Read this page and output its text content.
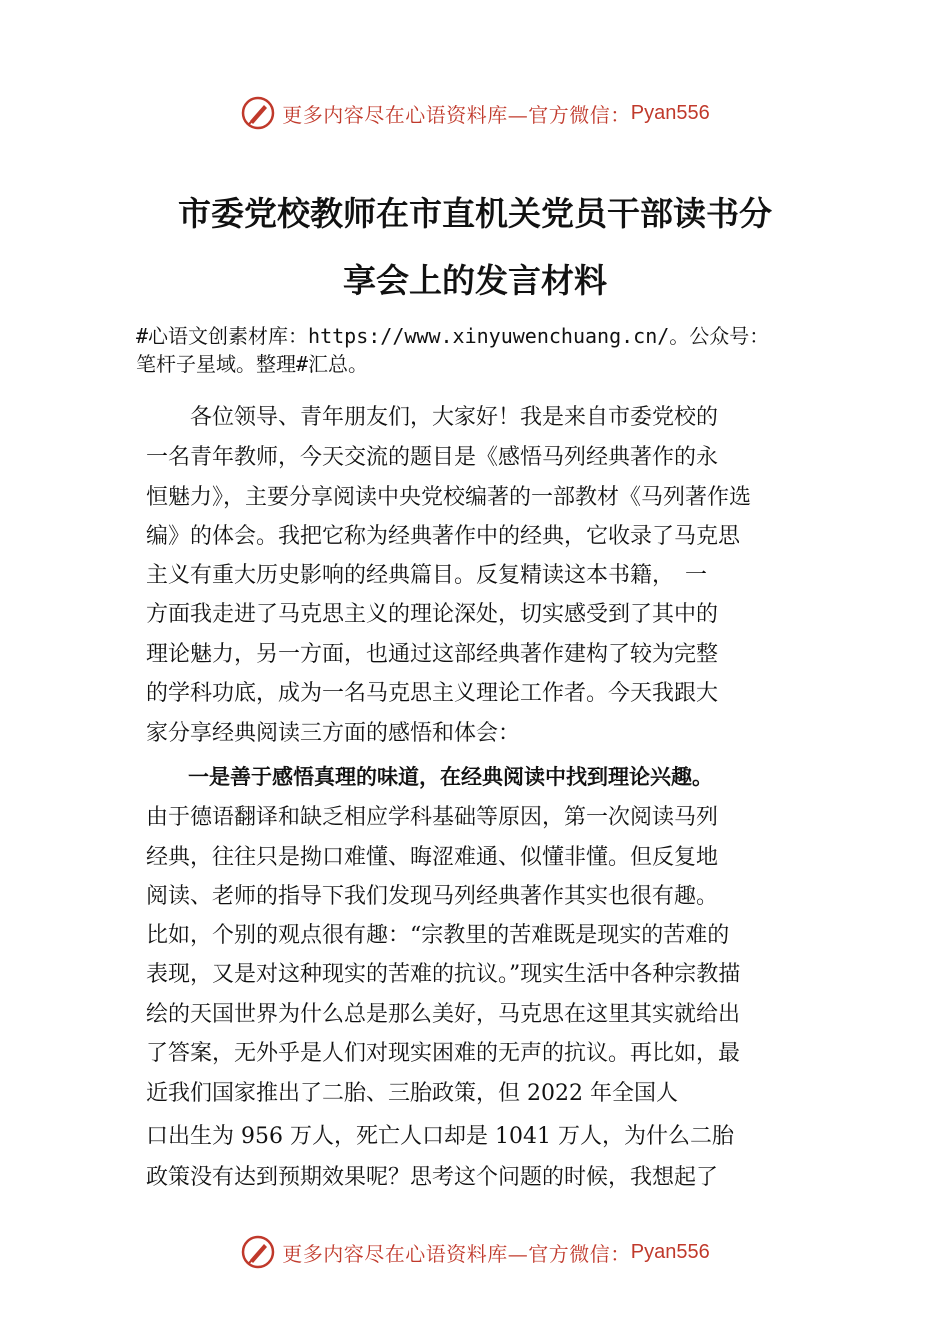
更多内容尽在心语资料库—官方微信： Pyan556
市委党校教师在市直机关党员干部读书分
享会上的发言材料
#心语文创素材库：https://www.xinyuwenchuang.cn/。公众号：
笔杆子星域。整理#汇总。
　　各位领导、青年朋友们，大家好！我是来自市委党校的
一名青年教师，今天交流的题目是《感悟马列经典著作的永
恒魅力》，主要分享阅读中央党校编著的一部教材《马列著作选
编》的体会。我把它称为经典著作中的经典，它收录了马克思
主义有重大历史影响的经典篇目。反复精读这本书籍，　一
方面我走进了马克思主义的理论深处，切实感受到了其中的
理论魅力，另一方面，也通过这部经典著作建构了较为完整
的学科功底，成为一名马克思主义理论工作者。今天我跟大
家分享经典阅读三方面的感悟和体会：
　　一是善于感悟真理的味道，在经典阅读中找到理论兴趣。
由于德语翻译和缺乏相应学科基础等原因，第一次阅读马列
经典，往往只是拗口难懂、晦涩难通、似懂非懂。但反复地
阅读、老师的指导下我们发现马列经典著作其实也很有趣。
比如，个别的观点很有趣：“宗教里的苦难既是现实的苦难的
表现，又是对这种现实的苦难的抗议。”现实生活中各种宗教描
绘的天国世界为什么总是那么美好，马克思在这里其实就给出
了答案，无外乎是人们对现实困难的无声的抗议。再比如，最
近我们国家推出了二胎、三胎政策，但 2022 年全国人
口出生为 956 万人，死亡人口却是 1041 万人，为什么二胎
政策没有达到预期效果呢？思考这个问题的时候，我想起了
更多内容尽在心语资料库—官方微信： Pyan556
